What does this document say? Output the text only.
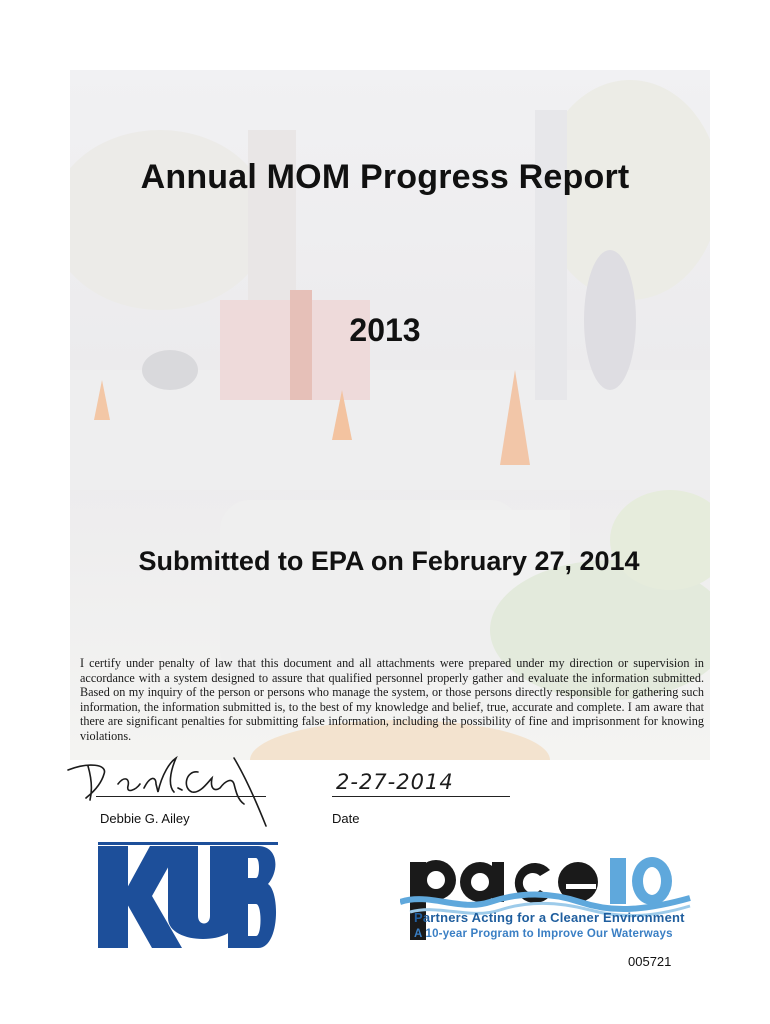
Annual MOM Progress Report
2013
Submitted to EPA on February 27, 2014
I certify under penalty of law that this document and all attachments were prepared under my direction or supervision in accordance with a system designed to assure that qualified personnel properly gather and evaluate the information submitted. Based on my inquiry of the person or persons who manage the system, or those persons directly responsible for gathering such information, the information submitted is, to the best of my knowledge and belief, true, accurate and complete. I am aware that there are significant penalties for submitting false information, including the possibility of fine and imprisonment for knowing violations.
2-27-2014
Debbie G. Ailey	Date
Partners Acting for a Cleaner Environment
A 10-year Program to Improve Our Waterways
005721
